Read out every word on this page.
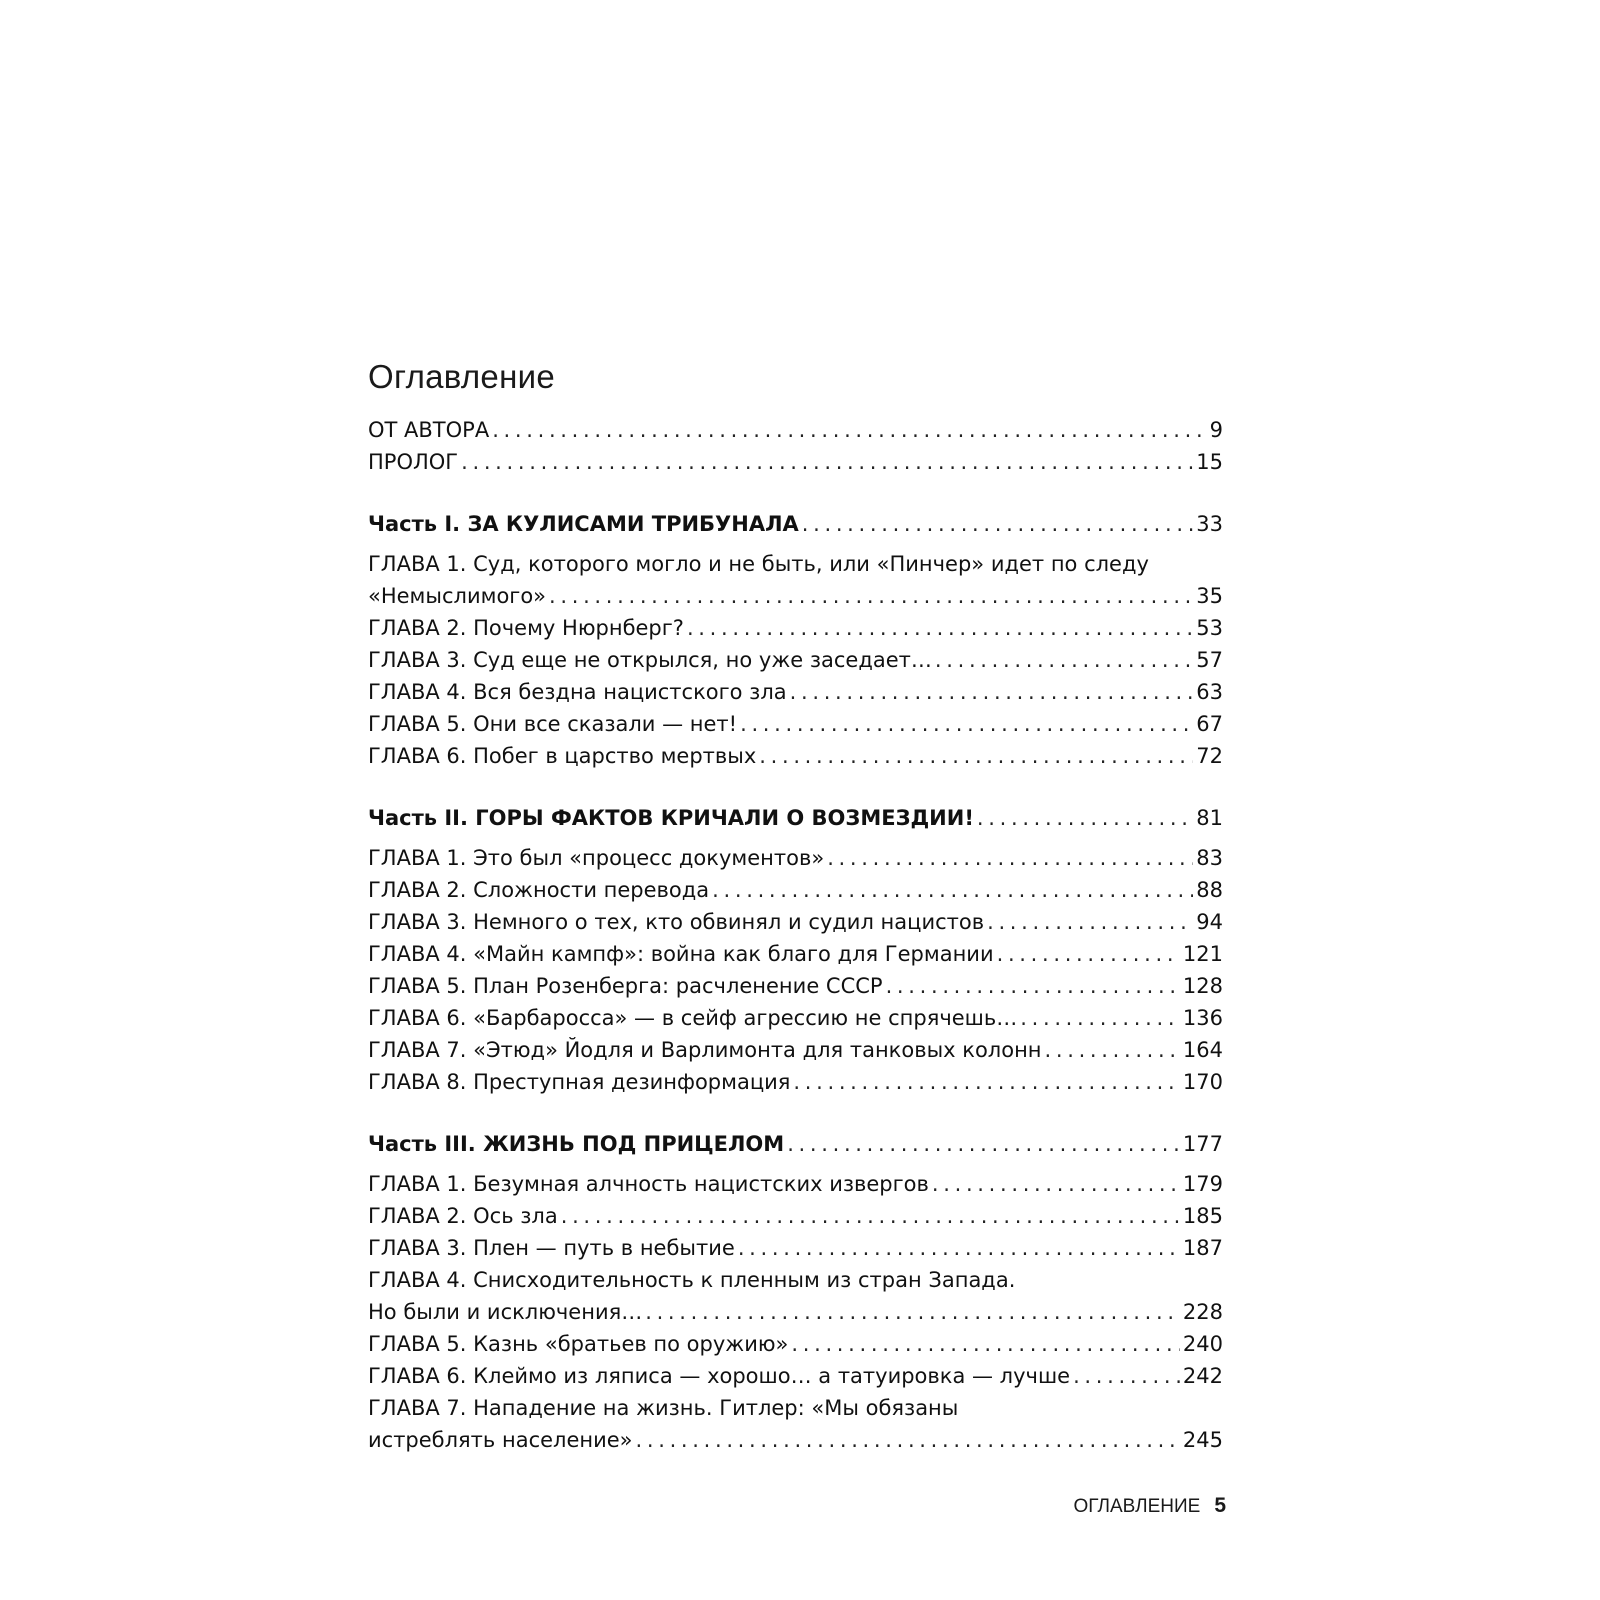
Оглавление
ОТ АВТОРА . . .	9
ПРОЛОГ . . .	15
Часть I. ЗА КУЛИСАМИ ТРИБУНАЛА . . .	33
ГЛАВА 1. Суд, которого могло и не быть, или «Пинчер» идет по следу
«Немыслимого» . . .	35
ГЛАВА 2. Почему Нюрнберг? . . .	53
ГЛАВА 3. Суд еще не открылся, но уже заседает… . . .	57
ГЛАВА 4. Вся бездна нацистского зла . . .	63
ГЛАВА 5. Они все сказали — нет! . . .	67
ГЛАВА 6. Побег в царство мертвых . . .	72
Часть II. ГОРЫ ФАКТОВ КРИЧАЛИ О ВОЗМЕЗДИИ! . . .	81
ГЛАВА 1. Это был «процесс документов» . . .	83
ГЛАВА 2. Сложности перевода . . .	88
ГЛАВА 3. Немного о тех, кто обвинял и судил нацистов . . .	94
ГЛАВА 4. «Майн кампф»: война как благо для Германии . . .	121
ГЛАВА 5. План Розенберга: расчленение СССР . . .	128
ГЛАВА 6. «Барбаросса» — в сейф агрессию не спрячешь… . . .	136
ГЛАВА 7. «Этюд» Йодля и Варлимонта для танковых колонн . . .	164
ГЛАВА 8. Преступная дезинформация . . .	170
Часть III. ЖИЗНЬ ПОД ПРИЦЕЛОМ . . .	177
ГЛАВА 1. Безумная алчность нацистских извергов . . .	179
ГЛАВА 2. Ось зла . . .	185
ГЛАВА 3. Плен — путь в небытие . . .	187
ГЛАВА 4. Снисходительность к пленным из стран Запада.
Но были и исключения… . . .	228
ГЛАВА 5. Казнь «братьев по оружию» . . .	240
ГЛАВА 6. Клеймо из ляписа — хорошо… а татуировка — лучше . . .	242
ГЛАВА 7. Нападение на жизнь. Гитлер: «Мы обязаны
истреблять население» . . .	245
ОГЛАВЛЕНИЕ 5
